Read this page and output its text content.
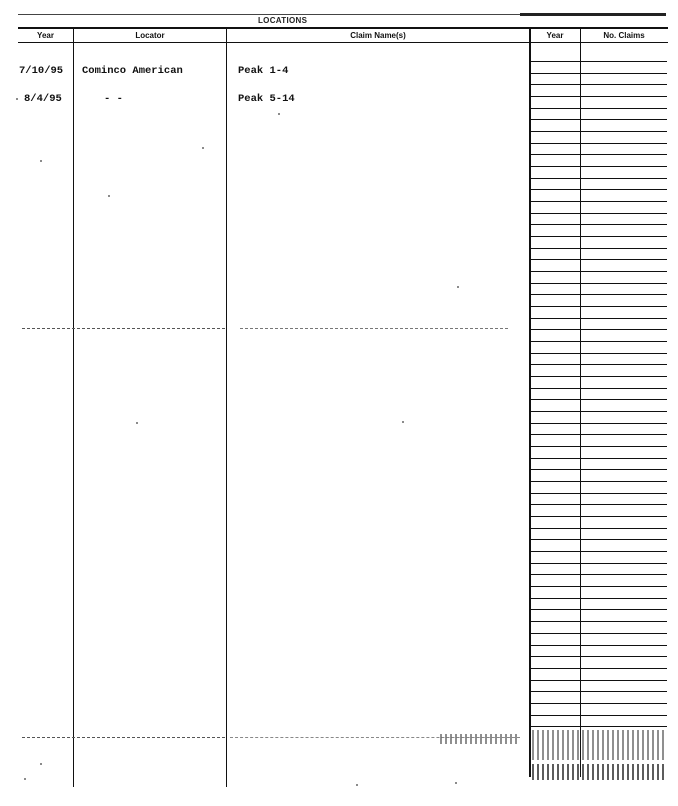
LOCATIONS
Year	Locator	Claim Name(s)	Year	No. Claims
7/10/95 Cominco American	Peak 1-4
8/4/95	- -	Peak 5-14
